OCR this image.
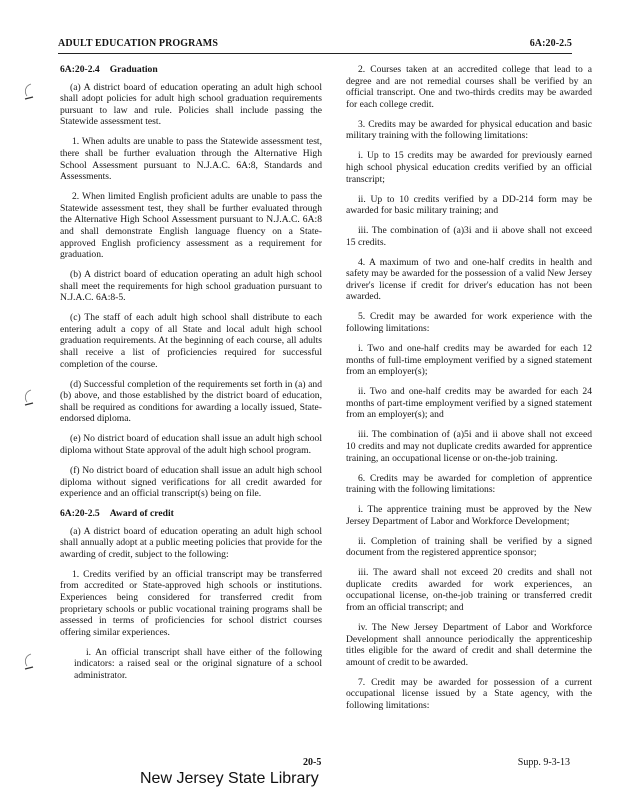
ADULT EDUCATION PROGRAMS	6A:20-2.5

6A:20-2.4 Graduation

(a) A district board of education operating an adult high school shall adopt policies for adult high school graduation requirements pursuant to law and rule. Policies shall include passing the Statewide assessment test.

1. When adults are unable to pass the Statewide assessment test, there shall be further evaluation through the Alternative High School Assessment pursuant to N.J.A.C. 6A:8, Standards and Assessments.

2. When limited English proficient adults are unable to pass the Statewide assessment test, they shall be further evaluated through the Alternative High School Assessment pursuant to N.J.A.C. 6A:8 and shall demonstrate English language fluency on a State-approved English proficiency assessment as a requirement for graduation.

(b) A district board of education operating an adult high school shall meet the requirements for high school graduation pursuant to N.J.A.C. 6A:8-5.

(c) The staff of each adult high school shall distribute to each entering adult a copy of all State and local adult high school graduation requirements. At the beginning of each course, all adults shall receive a list of proficiencies required for successful completion of the course.

(d) Successful completion of the requirements set forth in (a) and (b) above, and those established by the district board of education, shall be required as conditions for awarding a locally issued, State-endorsed diploma.

(e) No district board of education shall issue an adult high school diploma without State approval of the adult high school program.

(f) No district board of education shall issue an adult high school diploma without signed verifications for all credit awarded for experience and an official transcript(s) being on file.

6A:20-2.5 Award of credit

(a) A district board of education operating an adult high school shall annually adopt at a public meeting policies that provide for the awarding of credit, subject to the following:

1. Credits verified by an official transcript may be transferred from accredited or State-approved high schools or institutions. Experiences being considered for transferred credit from proprietary schools or public vocational training programs shall be assessed in terms of proficiencies for school district courses offering similar experiences.

i. An official transcript shall have either of the following indicators: a raised seal or the original signature of a school administrator.

2. Courses taken at an accredited college that lead to a degree and are not remedial courses shall be verified by an official transcript. One and two-thirds credits may be awarded for each college credit.

3. Credits may be awarded for physical education and basic military training with the following limitations:

i. Up to 15 credits may be awarded for previously earned high school physical education credits verified by an official transcript;

ii. Up to 10 credits verified by a DD-214 form may be awarded for basic military training; and

iii. The combination of (a)3i and ii above shall not exceed 15 credits.

4. A maximum of two and one-half credits in health and safety may be awarded for the possession of a valid New Jersey driver's license if credit for driver's education has not been awarded.

5. Credit may be awarded for work experience with the following limitations:

i. Two and one-half credits may be awarded for each 12 months of full-time employment verified by a signed statement from an employer(s);

ii. Two and one-half credits may be awarded for each 24 months of part-time employment verified by a signed statement from an employer(s); and

iii. The combination of (a)5i and ii above shall not exceed 10 credits and may not duplicate credits awarded for apprentice training, an occupational license or on-the-job training.

6. Credits may be awarded for completion of apprentice training with the following limitations:

i. The apprentice training must be approved by the New Jersey Department of Labor and Workforce Development;

ii. Completion of training shall be verified by a signed document from the registered apprentice sponsor;

iii. The award shall not exceed 20 credits and shall not duplicate credits awarded for work experiences, an occupational license, on-the-job training or transferred credit from an official transcript; and

iv. The New Jersey Department of Labor and Workforce Development shall announce periodically the apprenticeship titles eligible for the award of credit and shall determine the amount of credit to be awarded.

7. Credit may be awarded for possession of a current occupational license issued by a State agency, with the following limitations:

20-5	Supp. 9-3-13
New Jersey State Library
